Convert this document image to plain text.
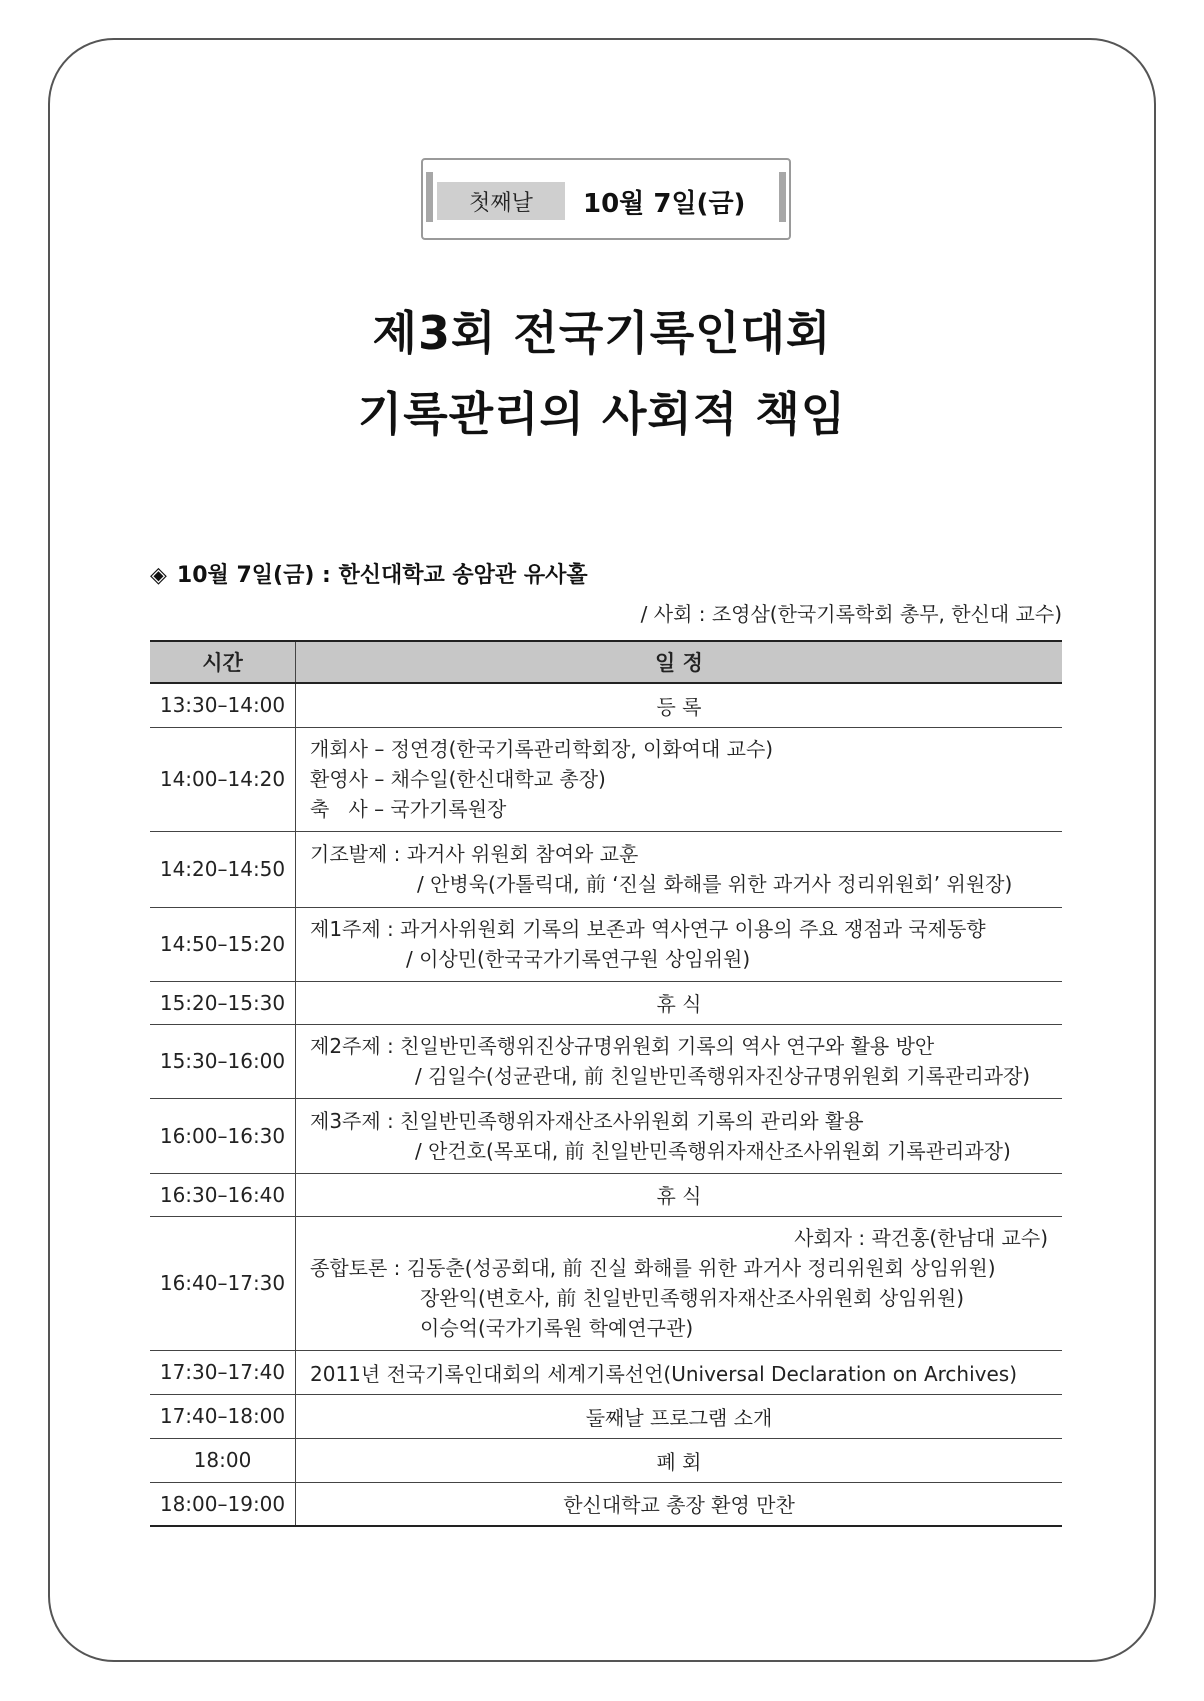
첫째날	10월 7일(금)
제3회 전국기록인대회
기록관리의 사회적 책임
◈ 10월 7일(금) : 한신대학교 송암관 유사홀
/ 사회 : 조영삼(한국기록학회 총무, 한신대 교수)
시간	일 정
13:30–14:00	등 록
14:00–14:20	개회사 – 정연경(한국기록관리학회장, 이화여대 교수)
환영사 – 채수일(한신대학교 총장)
축   사 – 국가기록원장

14:20–14:50	기조발제 : 과거사 위원회 참여와 교훈
/ 안병욱(가톨릭대, 前 ‘진실 화해를 위한 과거사 정리위원회’ 위원장)

14:50–15:20	제1주제 : 과거사위원회 기록의 보존과 역사연구 이용의 주요 쟁점과 국제동향
/ 이상민(한국국가기록연구원 상임위원)

15:20–15:30	휴 식
15:30–16:00	제2주제 : 친일반민족행위진상규명위원회 기록의 역사 연구와 활용 방안
/ 김일수(성균관대, 前 친일반민족행위자진상규명위원회 기록관리과장)

16:00–16:30	제3주제 : 친일반민족행위자재산조사위원회 기록의 관리와 활용
/ 안건호(목포대, 前 친일반민족행위자재산조사위원회 기록관리과장)

16:30–16:40	휴 식
16:40–17:30	사회자 : 곽건홍(한남대 교수)
종합토론 : 김동춘(성공회대, 前 진실 화해를 위한 과거사 정리위원회 상임위원)
장완익(변호사, 前 친일반민족행위자재산조사위원회 상임위원)
이승억(국가기록원 학예연구관)

17:30–17:40	2011년 전국기록인대회의 세계기록선언(Universal Declaration on Archives)
17:40–18:00	둘째날 프로그램 소개
18:00	폐 회
18:00–19:00	한신대학교 총장 환영 만찬
